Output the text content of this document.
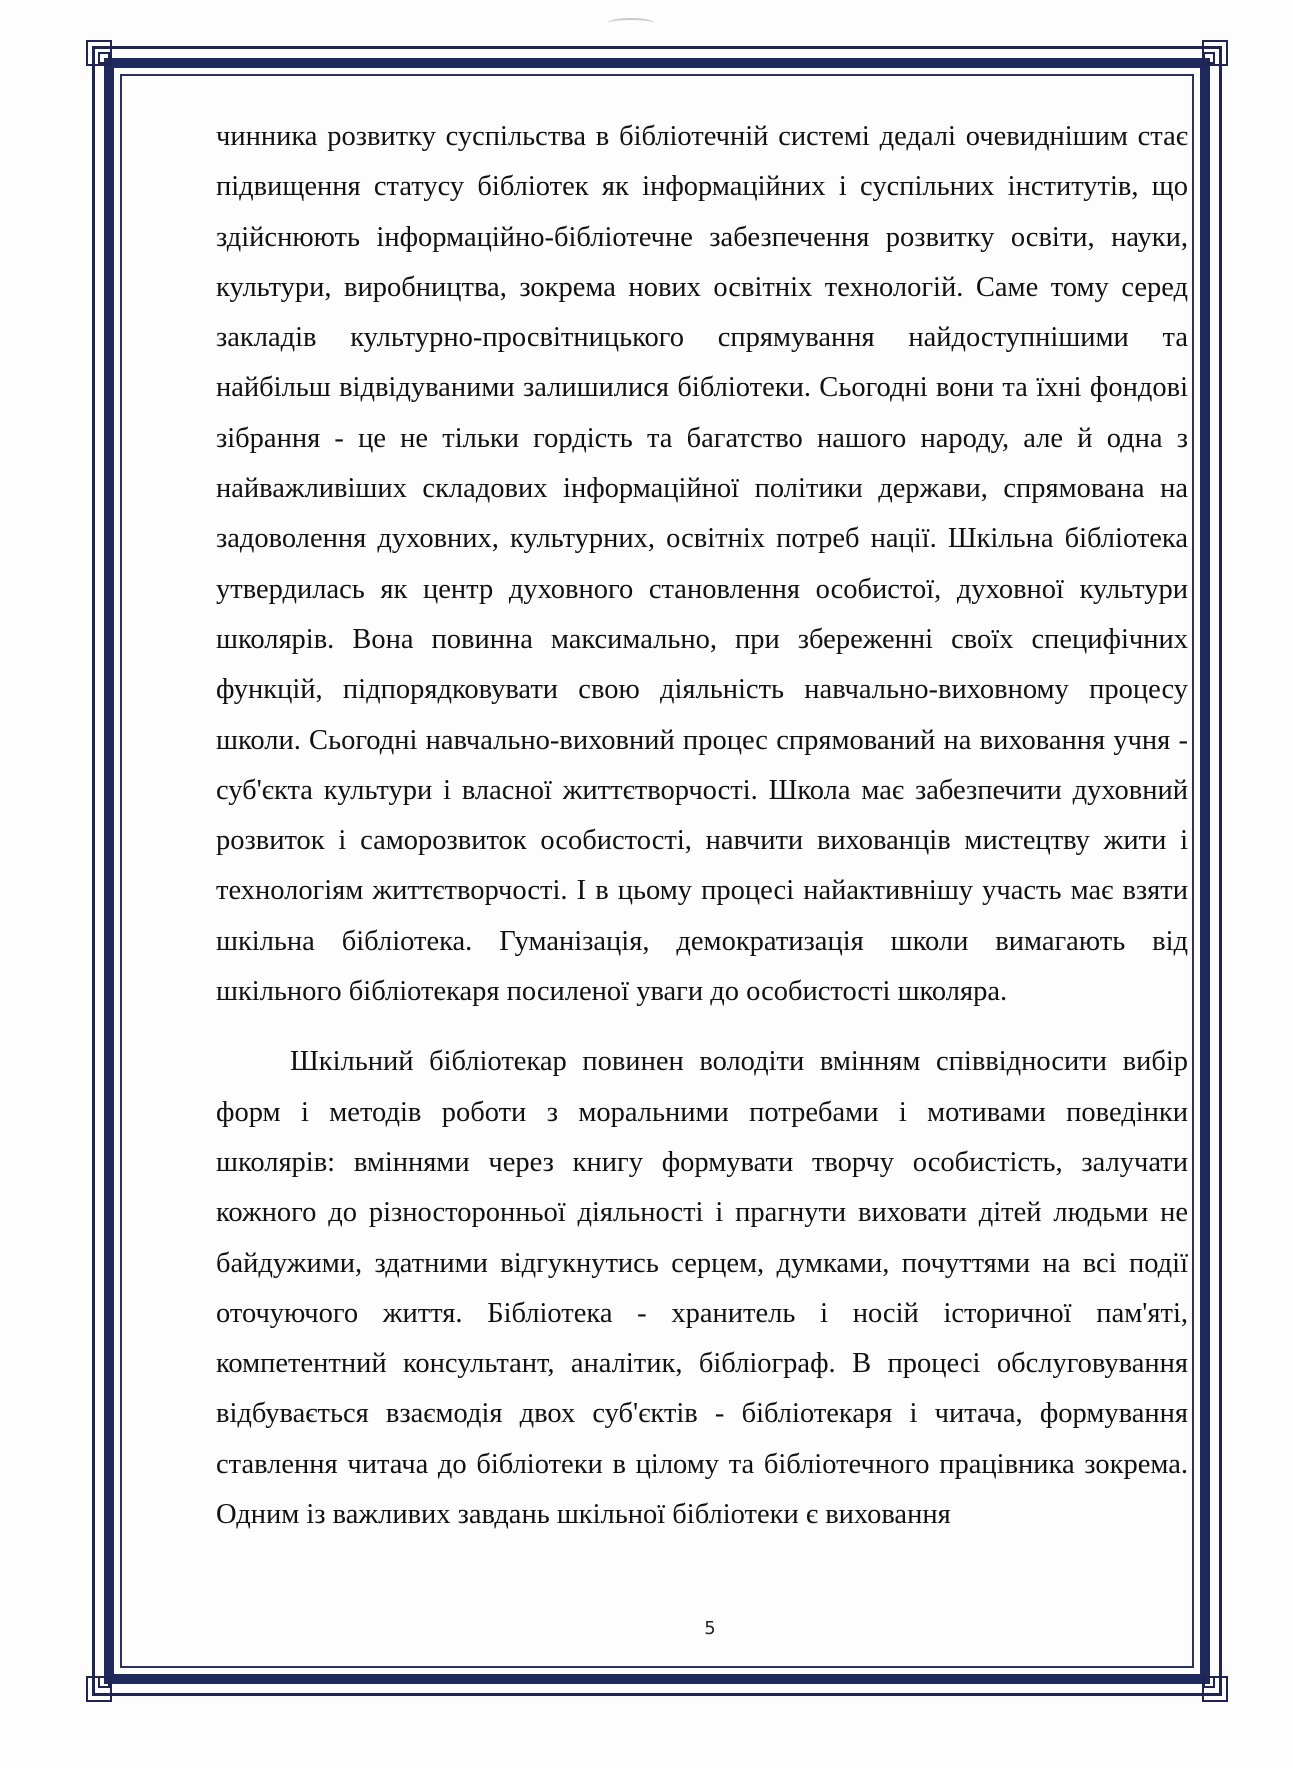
чинника розвитку суспільства в бібліотечній системі дедалі очевиднішим стає підвищення статусу бібліотек як інформаційних і суспільних інститутів, що здійснюють інформаційно-бібліотечне забезпечення розвитку освіти, науки, культури, виробництва, зокрема нових освітніх технологій. Саме тому серед закладів культурно-просвітницького спрямування найдоступнішими та найбільш відвідуваними залишилися бібліотеки. Сьогодні вони та їхні фондові зібрання - це не тільки гордість та багатство нашого народу, але й одна з найважливіших складових інформаційної політики держави, спрямована на задоволення духовних, культурних, освітніх потреб нації. Шкільна бібліотека утвердилась як центр духовного становлення особистої, духовної культури школярів. Вона повинна максимально, при збереженні своїх специфічних функцій, підпорядковувати свою діяльність навчально-виховному процесу школи. Сьогодні навчально-виховний процес спрямований на виховання учня - суб'єкта культури і власної життєтворчості. Школа має забезпечити духовний розвиток і саморозвиток особистості, навчити вихованців мистецтву жити і технологіям життєтворчості. І в цьому процесі найактивнішу участь має взяти шкільна бібліотека. Гуманізація, демократизація школи вимагають від шкільного бібліотекаря посиленої уваги до особистості школяра.

Шкільний бібліотекар повинен володіти вмінням співвідносити вибір форм і методів роботи з моральними потребами і мотивами поведінки школярів: вміннями через книгу формувати творчу особистість, залучати кожного до різносторонньої діяльності і прагнути виховати дітей людьми не байдужими, здатними відгукнутись серцем, думками, почуттями на всі події оточуючого життя. Бібліотека - хранитель і носій історичної пам'яті, компетентний консультант, аналітик, бібліограф. В процесі обслуговування відбувається взаємодія двох суб'єктів - бібліотекаря і читача, формування ставлення читача до бібліотеки в цілому та бібліотечного працівника зокрема. Одним із важливих завдань шкільної бібліотеки є виховання

5
